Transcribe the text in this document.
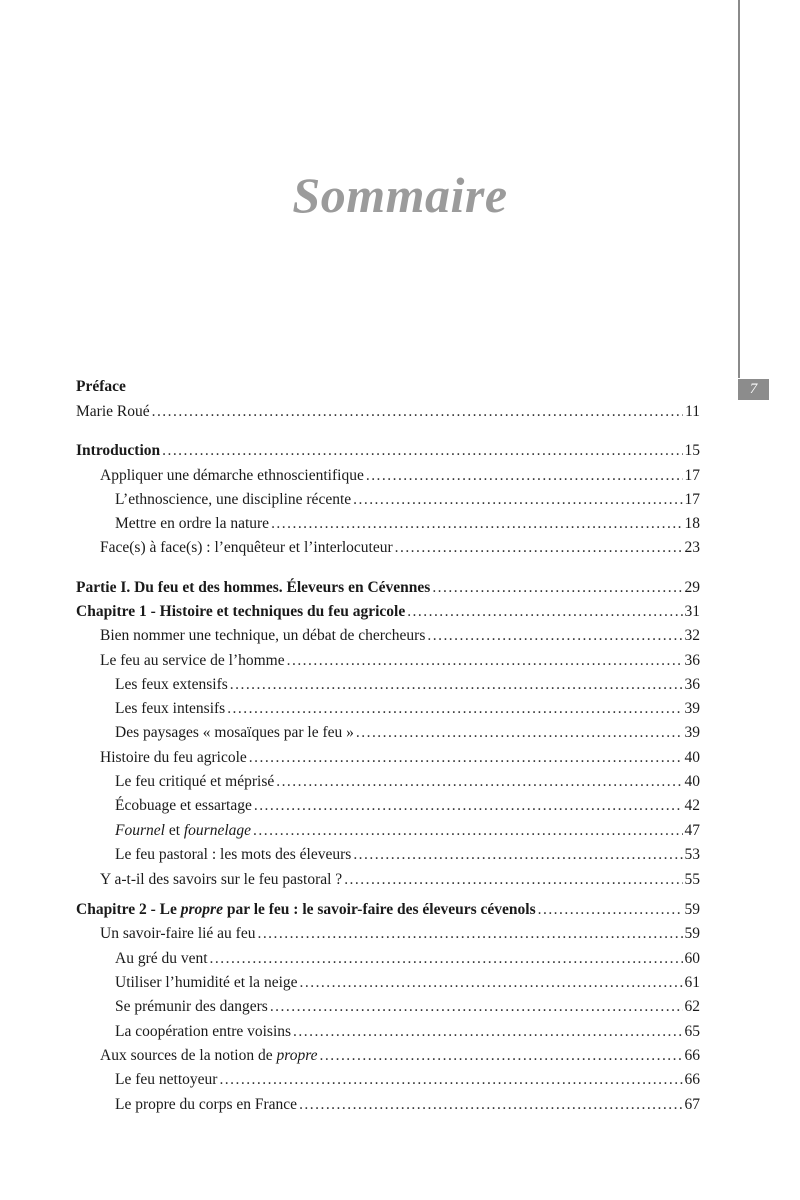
7
Sommaire
Préface
Marie Roué . . .	11
Introduction . . .	15
Appliquer une démarche ethnoscientifique . . .	17
L’ethnoscience, une discipline récente . . .	17
Mettre en ordre la nature . . .	18
Face(s) à face(s) : l’enquêteur et l’interlocuteur . . .	23
Partie I. Du feu et des hommes. Éleveurs en Cévennes . . .	29
Chapitre 1 - Histoire et techniques du feu agricole . . .	31
Bien nommer une technique, un débat de chercheurs . . .	32
Le feu au service de l’homme . . .	36
Les feux extensifs . . .	36
Les feux intensifs . . .	39
Des paysages « mosaïques par le feu » . . .	39
Histoire du feu agricole . . .	40
Le feu critiqué et méprisé . . .	40
Écobuage et essartage . . .	42
Fournel et fournelage . . .	47
Le feu pastoral : les mots des éleveurs . . .	53
Y a-t-il des savoirs sur le feu pastoral ? . . .	55
Chapitre 2 - Le propre par le feu : le savoir-faire des éleveurs cévenols . . .	59
Un savoir-faire lié au feu . . .	59
Au gré du vent . . .	60
Utiliser l’humidité et la neige . . .	61
Se prémunir des dangers . . .	62
La coopération entre voisins . . .	65
Aux sources de la notion de propre . . .	66
Le feu nettoyeur . . .	66
Le propre du corps en France . . .	67
